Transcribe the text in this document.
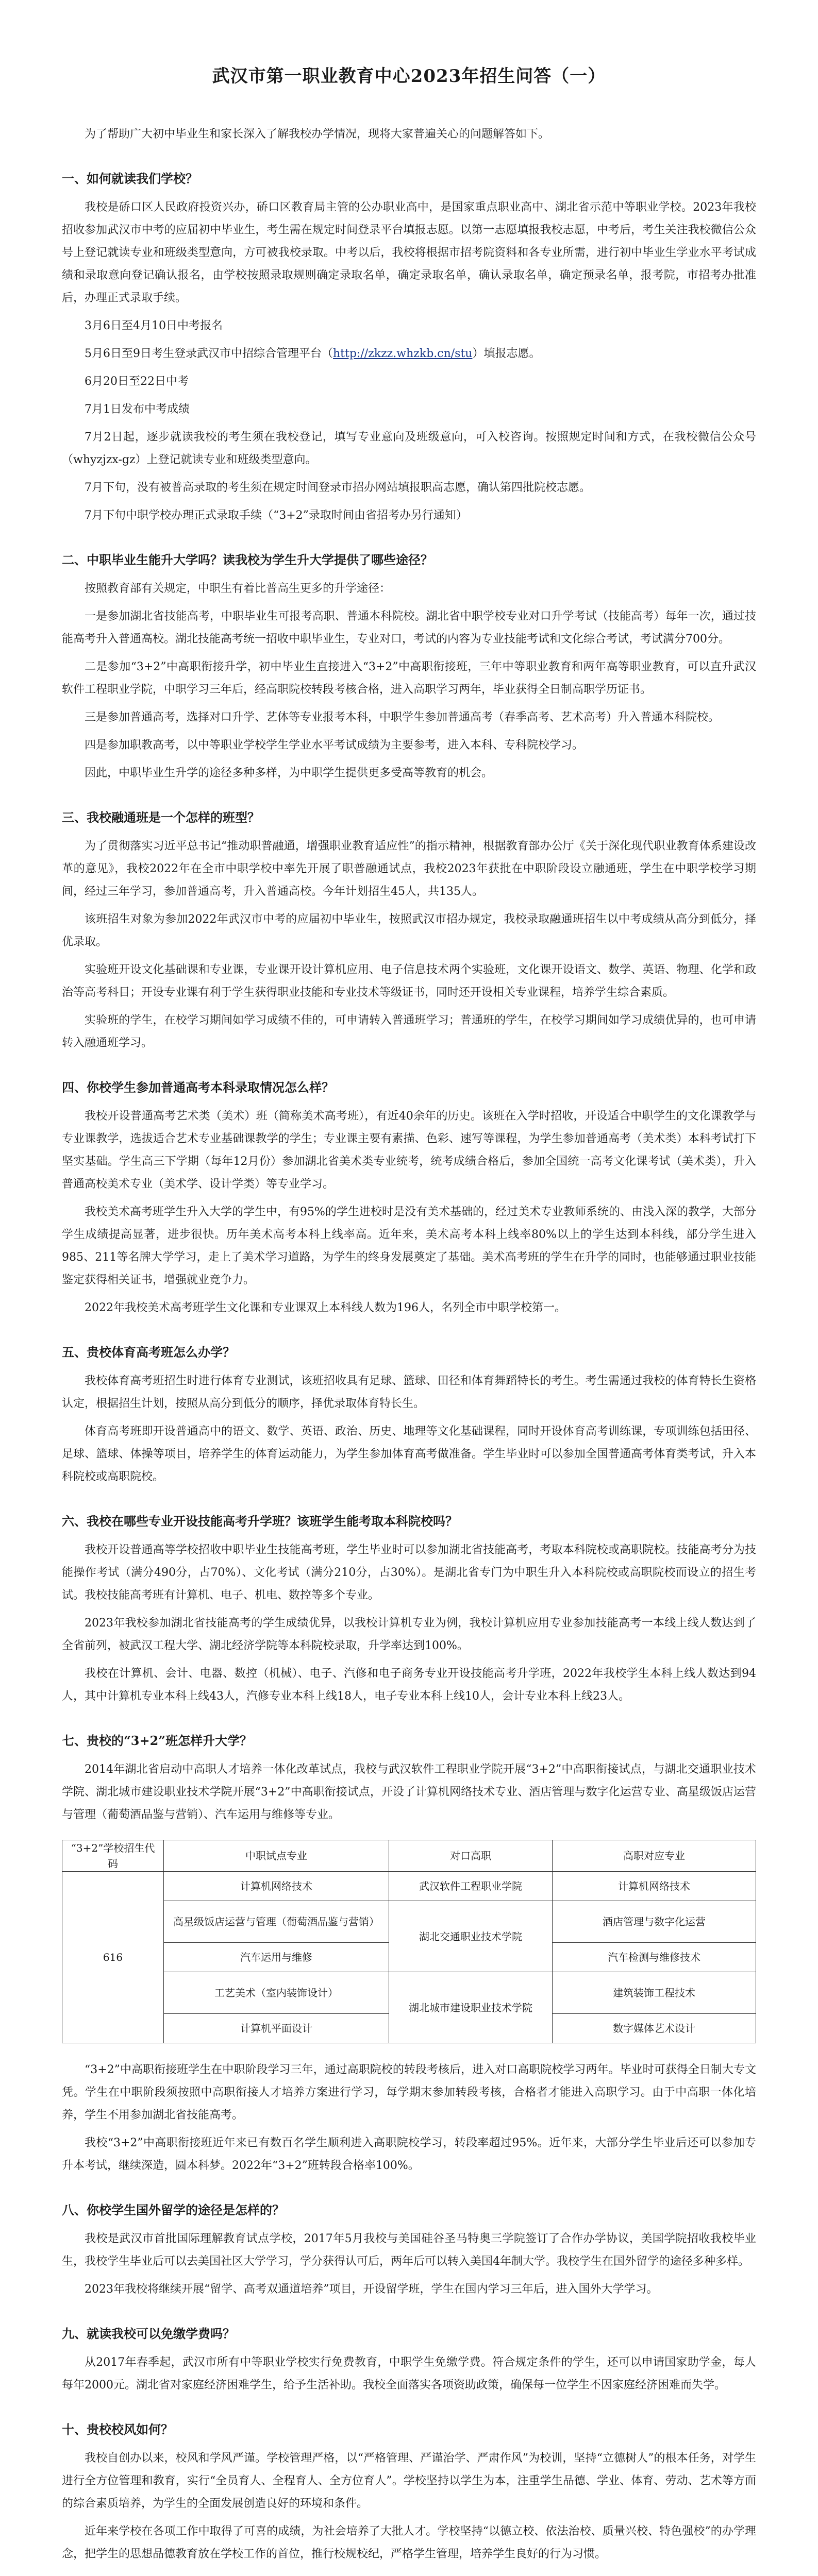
武汉市第一职业教育中心2023年招生问答（一）

为了帮助广大初中毕业生和家长深入了解我校办学情况，现将大家普遍关心的问题解答如下。

一、如何就读我们学校？

我校是硚口区人民政府投资兴办，硚口区教育局主管的公办职业高中，是国家重点职业高中、湖北省示范中等职业学校。2023年我校招收参加武汉市中考的应届初中毕业生，考生需在规定时间登录平台填报志愿。以第一志愿填报我校志愿，中考后，考生关注我校微信公众号上登记就读专业和班级类型意向，方可被我校录取。中考以后，我校将根据市招考院资料和各专业所需，进行初中毕业生学业水平考试成绩和录取意向登记确认报名，由学校按照录取规则确定录取名单，确定录取名单，确认录取名单，确定预录名单，报考院，市招考办批准后，办理正式录取手续。

3月6日至4月10日中考报名

5月6日至9日考生登录武汉市中招综合管理平台（http://zkzz.whzkb.cn/stu）填报志愿。

6月20日至22日中考

7月1日发布中考成绩

7月2日起，逐步就读我校的考生须在我校登记，填写专业意向及班级意向，可入校咨询。按照规定时间和方式，在我校微信公众号（whyzjzx-gz）上登记就读专业和班级类型意向。

7月下旬，没有被普高录取的考生须在规定时间登录市招办网站填报职高志愿，确认第四批院校志愿。

7月下旬中职学校办理正式录取手续（“3+2”录取时间由省招考办另行通知）

二、中职毕业生能升大学吗？读我校为学生升大学提供了哪些途径？

按照教育部有关规定，中职生有着比普高生更多的升学途径：

一是参加湖北省技能高考，中职毕业生可报考高职、普通本科院校。湖北省中职学校专业对口升学考试（技能高考）每年一次，通过技能高考升入普通高校。湖北技能高考统一招收中职毕业生，专业对口，考试的内容为专业技能考试和文化综合考试，考试满分700分。

二是参加“3+2”中高职衔接升学，初中毕业生直接进入“3+2”中高职衔接班，三年中等职业教育和两年高等职业教育，可以直升武汉软件工程职业学院，中职学习三年后，经高职院校转段考核合格，进入高职学习两年，毕业获得全日制高职学历证书。

三是参加普通高考，选择对口升学、艺体等专业报考本科，中职学生参加普通高考（春季高考、艺术高考）升入普通本科院校。

四是参加职教高考，以中等职业学校学生学业水平考试成绩为主要参考，进入本科、专科院校学习。

因此，中职毕业生升学的途径多种多样，为中职学生提供更多受高等教育的机会。

三、我校融通班是一个怎样的班型？

为了贯彻落实习近平总书记“推动职普融通，增强职业教育适应性”的指示精神，根据教育部办公厅《关于深化现代职业教育体系建设改革的意见》，我校2022年在全市中职学校中率先开展了职普融通试点，我校2023年获批在中职阶段设立融通班，学生在中职学校学习期间，经过三年学习，参加普通高考，升入普通高校。今年计划招生45人，共135人。

该班招生对象为参加2022年武汉市中考的应届初中毕业生，按照武汉市招办规定，我校录取融通班招生以中考成绩从高分到低分，择优录取。

实验班开设文化基础课和专业课，专业课开设计算机应用、电子信息技术两个实验班，文化课开设语文、数学、英语、物理、化学和政治等高考科目；开设专业课有利于学生获得职业技能和专业技术等级证书，同时还开设相关专业课程，培养学生综合素质。

实验班的学生，在校学习期间如学习成绩不佳的，可申请转入普通班学习；普通班的学生，在校学习期间如学习成绩优异的，也可申请转入融通班学习。

四、你校学生参加普通高考本科录取情况怎么样？

我校开设普通高考艺术类（美术）班（简称美术高考班），有近40余年的历史。该班在入学时招收，开设适合中职学生的文化课教学与专业课教学，选拔适合艺术专业基础课教学的学生；专业课主要有素描、色彩、速写等课程，为学生参加普通高考（美术类）本科考试打下坚实基础。学生高三下学期（每年12月份）参加湖北省美术类专业统考，统考成绩合格后，参加全国统一高考文化课考试（美术类），升入普通高校美术专业（美术学、设计学类）等专业学习。

我校美术高考班学生升入大学的学生中，有95%的学生进校时是没有美术基础的，经过美术专业教师系统的、由浅入深的教学，大部分学生成绩提高显著，进步很快。历年美术高考本科上线率高。近年来，美术高考本科上线率80%以上的学生达到本科线，部分学生进入985、211等名牌大学学习，走上了美术学习道路，为学生的终身发展奠定了基础。美术高考班的学生在升学的同时，也能够通过职业技能鉴定获得相关证书，增强就业竞争力。

2022年我校美术高考班学生文化课和专业课双上本科线人数为196人，名列全市中职学校第一。

五、贵校体育高考班怎么办学？

我校体育高考班招生时进行体育专业测试，该班招收具有足球、篮球、田径和体育舞蹈特长的考生。考生需通过我校的体育特长生资格认定，根据招生计划，按照从高分到低分的顺序，择优录取体育特长生。

体育高考班即开设普通高中的语文、数学、英语、政治、历史、地理等文化基础课程，同时开设体育高考训练课，专项训练包括田径、足球、篮球、体操等项目，培养学生的体育运动能力，为学生参加体育高考做准备。学生毕业时可以参加全国普通高考体育类考试，升入本科院校或高职院校。

六、我校在哪些专业开设技能高考升学班？该班学生能考取本科院校吗？

我校开设普通高等学校招收中职毕业生技能高考班，学生毕业时可以参加湖北省技能高考，考取本科院校或高职院校。技能高考分为技能操作考试（满分490分，占70%）、文化考试（满分210分，占30%）。是湖北省专门为中职生升入本科院校或高职院校而设立的招生考试。我校技能高考班有计算机、电子、机电、数控等多个专业。

2023年我校参加湖北省技能高考的学生成绩优异，以我校计算机专业为例，我校计算机应用专业参加技能高考一本线上线人数达到了全省前列，被武汉工程大学、湖北经济学院等本科院校录取，升学率达到100%。

我校在计算机、会计、电器、数控（机械）、电子、汽修和电子商务专业开设技能高考升学班，2022年我校学生本科上线人数达到94人，其中计算机专业本科上线43人，汽修专业本科上线18人，电子专业本科上线10人，会计专业本科上线23人。

七、贵校的“3+2”班怎样升大学？

2014年湖北省启动中高职人才培养一体化改革试点，我校与武汉软件工程职业学院开展“3+2”中高职衔接试点，与湖北交通职业技术学院、湖北城市建设职业技术学院开展“3+2”中高职衔接试点，开设了计算机网络技术专业、酒店管理与数字化运营专业、高星级饭店运营与管理（葡萄酒品鉴与营销）、汽车运用与维修等专业。

“3+2”学校招生代码	中职试点专业	对口高职	高职对应专业
616	计算机网络技术	武汉软件工程职业学院	计算机网络技术
	高星级饭店运营与管理（葡萄酒品鉴与营销）	湖北交通职业技术学院	酒店管理与数字化运营
	汽车运用与维修		汽车检测与维修技术
	工艺美术（室内装饰设计）	湖北城市建设职业技术学院	建筑装饰工程技术
	计算机平面设计		数字媒体艺术设计

“3+2”中高职衔接班学生在中职阶段学习三年，通过高职院校的转段考核后，进入对口高职院校学习两年。毕业时可获得全日制大专文凭。学生在中职阶段须按照中高职衔接人才培养方案进行学习，每学期末参加转段考核，合格者才能进入高职学习。由于中高职一体化培养，学生不用参加湖北省技能高考。

我校“3+2”中高职衔接班近年来已有数百名学生顺利进入高职院校学习，转段率超过95%。近年来，大部分学生毕业后还可以参加专升本考试，继续深造，圆本科梦。2022年“3+2”班转段合格率100%。

八、你校学生国外留学的途径是怎样的？

我校是武汉市首批国际理解教育试点学校，2017年5月我校与美国硅谷圣马特奥三学院签订了合作办学协议，美国学院招收我校毕业生，我校学生毕业后可以去美国社区大学学习，学分获得认可后，两年后可以转入美国4年制大学。我校学生在国外留学的途径多种多样。

2023年我校将继续开展“留学、高考双通道培养”项目，开设留学班，学生在国内学习三年后，进入国外大学学习。

九、就读我校可以免缴学费吗？

从2017年春季起，武汉市所有中等职业学校实行免费教育，中职学生免缴学费。符合规定条件的学生，还可以申请国家助学金，每人每年2000元。湖北省对家庭经济困难学生，给予生活补助。我校全面落实各项资助政策，确保每一位学生不因家庭经济困难而失学。

十、贵校校风如何？

我校自创办以来，校风和学风严谨。学校管理严格，以“严格管理、严谨治学、严肃作风”为校训，坚持“立德树人”的根本任务，对学生进行全方位管理和教育，实行“全员育人、全程育人、全方位育人”。学校坚持以学生为本，注重学生品德、学业、体育、劳动、艺术等方面的综合素质培养，为学生的全面发展创造良好的环境和条件。

近年来学校在各项工作中取得了可喜的成绩，为社会培养了大批人才。学校坚持“以德立校、依法治校、质量兴校、特色强校”的办学理念，把学生的思想品德教育放在学校工作的首位，推行校规校纪，严格学生管理，培养学生良好的行为习惯。
